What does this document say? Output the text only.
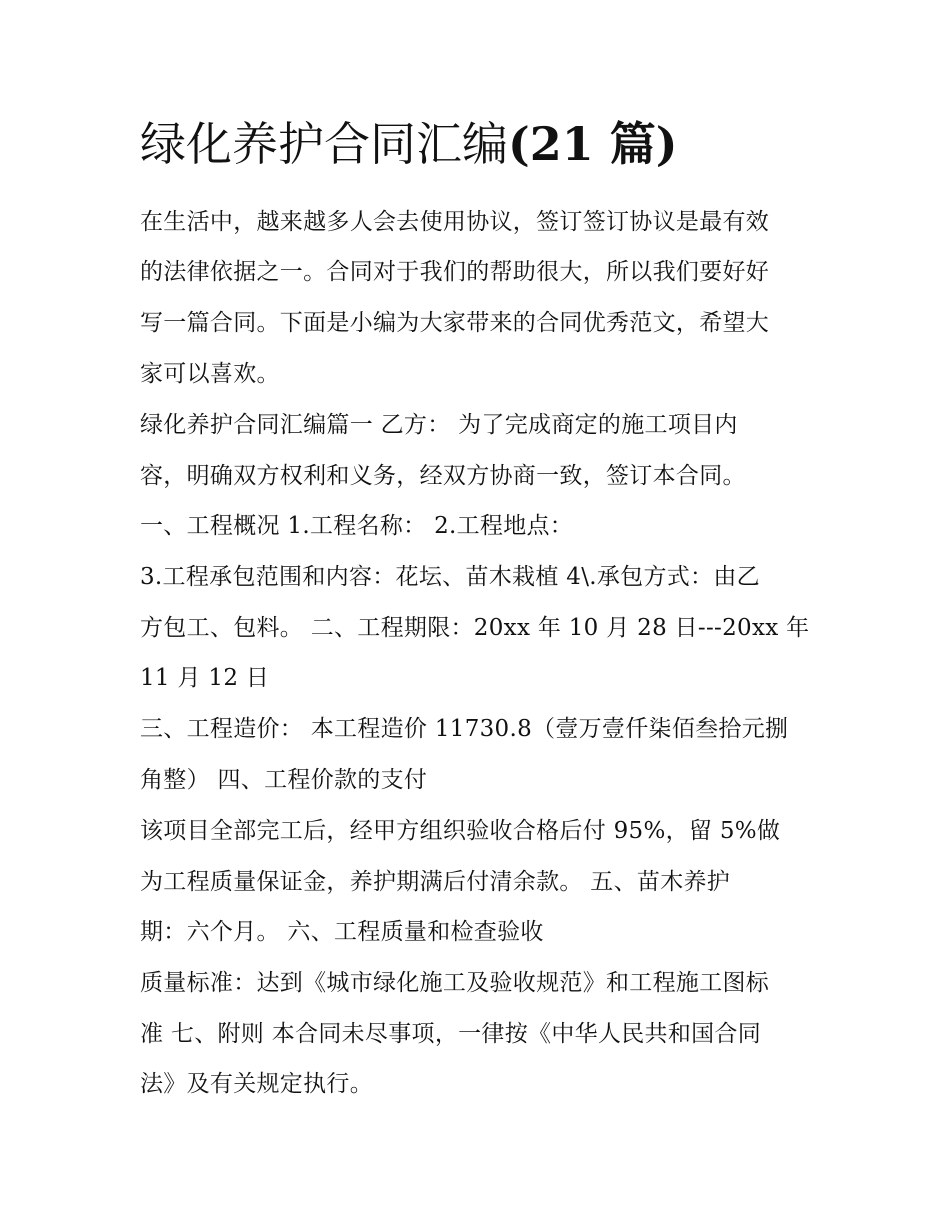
绿化养护合同汇编(21 篇)

在生活中，越来越多人会去使用协议，签订签订协议是最有效

的法律依据之一。合同对于我们的帮助很大，所以我们要好好

写一篇合同。下面是小编为大家带来的合同优秀范文，希望大

家可以喜欢。

绿化养护合同汇编篇一 乙方： 为了完成商定的施工项目内

容，明确双方权利和义务，经双方协商一致，签订本合同。

一、工程概况 1.工程名称： 2.工程地点：

3.工程承包范围和内容：花坛、苗木栽植 4\.承包方式：由乙

方包工、包料。 二、工程期限：20xx 年 10 月 28 日---20xx 年

11 月 12 日

三、工程造价： 本工程造价 11730.8（壹万壹仟柒佰叁拾元捌

角整） 四、工程价款的支付

该项目全部完工后，经甲方组织验收合格后付 95%，留 5%做

为工程质量保证金，养护期满后付清余款。 五、苗木养护

期：六个月。 六、工程质量和检查验收

质量标准：达到《城市绿化施工及验收规范》和工程施工图标

准 七、附则 本合同未尽事项，一律按《中华人民共和国合同

法》及有关规定执行。
